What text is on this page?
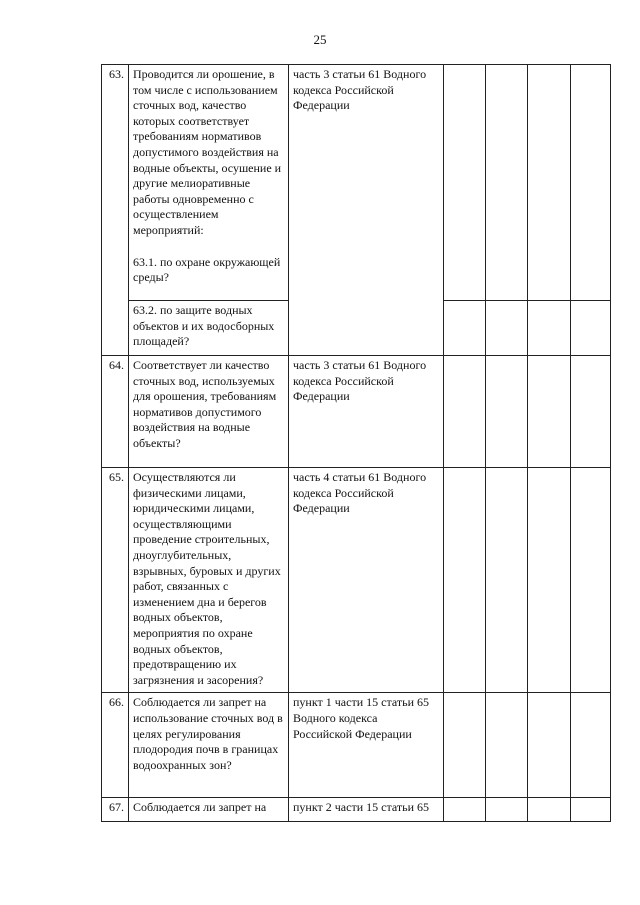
25
63.	Проводится ли орошение, в том числе с использованием сточных вод, качество которых соответствует требованиям нормативов допустимого воздействия на водные объекты, осушение и другие мелиоративные работы одновременно с осуществлением мероприятий:
63.1. по охране окружающей среды?	часть 3 статьи 61 Водного кодекса Российской Федерации				
	63.2. по защите водных объектов и их водосборных площадей?					
64.	Соответствует ли качество сточных вод, используемых для орошения, требованиям нормативов допустимого воздействия на водные объекты?	часть 3 статьи 61 Водного кодекса Российской Федерации				
65.	Осуществляются ли физическими лицами, юридическими лицами, осуществляющими проведение строительных, дноуглубительных, взрывных, буровых и других работ, связанных с изменением дна и берегов водных объектов, мероприятия по охране водных объектов, предотвращению их загрязнения и засорения?	часть 4 статьи 61 Водного кодекса Российской Федерации				
66.	Соблюдается ли запрет на использование сточных вод в целях регулирования плодородия почв в границах водоохранных зон?	пункт 1 части 15 статьи 65 Водного кодекса Российской Федерации				
67.	Соблюдается ли запрет на	пункт 2 части 15 статьи 65				
